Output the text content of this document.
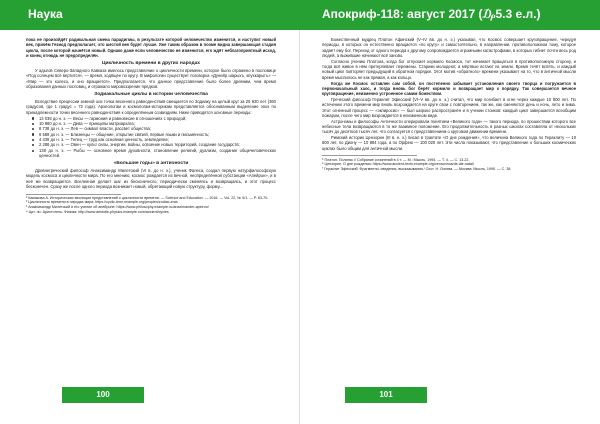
Наука	Апокриф-118: август 2017 (₯5.3 е.л.)

пока не произойдёт радикальная смена парадигмы, в результате которой человечество изменится, и наступит новый век, причём Гезиод предполагает, что шестой век будет лучше. Уже таким образом в поэме видна завершающая стадия цикла, после которой начнётся новый. Однако даже если человечество не изменится, его ждёт неблагоприятный исход, и конец отнюдь не предопределён.

Цикличность времени в других народах

У адыгов Северо-Западного Кавказа имелось представление о цикличности времени, которое было отражено в пословице «Под солнцем всё вертится», — время, ходящее по кругу. В мифологии существует поговорка «Дунейр шарыхъ, кеухкарыгъ» — «Мир — это колесо, и оно вращается». Предполагается, что данное представление было более древним, чем время образования данных пословиц, и отражало мировоззрение предков.

Зодиакальные циклы в истории человечества

Вследствие прецессии земной оси точка весеннего равноденствия смещается по Зодиаку на целый круг за 25 920 лет (360 градусов, где 1 градус = 72 года). Археологам и космологам-историкам представляется обоснованным выделение эпох по принадлежности точки весеннего равноденствия к определённым созвездиям. Ниже приводятся основные периоды:

13 038 до н. э. — Весы — гармония и равновесие в отношениях с природой;
10 880 до н. э. — Дева — принципы матриархата;
8 738 до н. э. — Лев — символ власти, рассвет общества;
6 588 до н. э. — Близнецы — общение, открытие связей, первые языки и письменность;
4 438 до н. э. — Телец — труд как основная ценность, земледелие;
2 288 до н. э. — Овен — культ силы, энергии, войны, освоение новых территорий, создание государств;
138 до н. э. — Рыбы — основное время духовности, становление религий, дуализм, создание общечеловеческих ценностей.
«Большие годы» в античности

Древнегреческий философ Анаксимандр Милетский (VI в. до н. э.), ученик Фалеса, создал первую натурфилософскую модель космоса и цикличности мира. По его мнению, космос рождается из вечной, неопределённой субстанции «Апейрон», и в неё же возвращается. Вселенная делает шаг из бесконечного, периодически сменяясь и возвращаясь, и этот процесс бесконечен. Сразу же после одного периода возникает новый, обретающий новую структуру, форму...

¹ Камакова А. Историческая эволюция представлений о цикличности времени. — Science and Education. — 2016. — Vol. 22, № 5/1. — P. 63-70.

² Цикличность времени в народах мира: https://cyclic-time.example.org/peoples/zodiac-eras

³ Анаксимандр Милетский и его учение об апейроне: https://www.philosophy.example.ru/anaximander-apeiron/

⁴ Цит. по: Аристотель. Физика: http://www.aristotle-physics.example.com/ancient/cycles

Божественный мудрец Платон Афинский (V–IV вв. до н. э.) указывал, что Космос совершает круговращение, чередуя периоды, в которых он естественно вращается «по кругу» и самостоятельно, в направлении, противоположном тому, которое задаёт ему бог. Переход от одного периода к другому сопровождается огромными катастрофами, в которых гибнет почти весь род людей, а выжившие начинают всё заново.

Согласно учению Платона, когда бог отпускает кормило Космоса, тот начинает вращаться в противоположную сторону, и тогда всё живое в нём претерпевает перемены. Старики молодеют, а мёртвые встают из земли. Время течёт вспять, и каждый новый цикл повторяет предыдущий в обратном порядке. Этот мотив «обратного» времени указывает на то, что в античной мысли время мыслилось не как прямая, а как кольцо.

Когда же Космос оставлен сам собой, он постепенно забывает установления своего творца и погружается в первоначальный хаос, и тогда вновь бог берёт кормило и возвращает мир к порядку. Так совершается вечное круговращение, неизменно устроенное самим божеством.

Греческий философ Гераклит Эфесский (VI–V вв. до н. э.) считал, что мир погибает в огне через каждые 10 800 лет. По истечении этого времени мир вновь возрождается на круге свои с повторением, так же, как сменяются день и ночь, лето и зима. Этот огненный процесс — «экпиросис» — был широко распространён и в учении стоиков: каждый цикл завершается всеобщим пожаром, после чего мир возрождается в неизменном виде.

Астрономы и философы Античности оперировали понятием «Великого года» — такого периода, по прошествии которого все небесные тела возвращаются в то же взаимное положение. Его продолжительность в разных школах составляла от нескольких тысяч до десятков тысяч лет, что согласуется с представлением о круговом движении времени.

Римский историк Цензорин (III в. н. э.) писал в трактате «О дне рождения», что величина Великого года по Гераклиту — 10 800 лет, по Диону — 10 884 года, а по Орфею — 100 020 лет. Эти числа показывают, что представление о больших космических циклах было общим для античной мысли.

⁵ Платон. Политик // Собрание сочинений в 4 т. — М.: Мысль, 1994. — Т. 4. — С. 13-22.

⁶ Цензорин. О дне рождения: https://www.ancient-texts.example.org/censorinus/de-die-natali

⁷ Гераклит Эфесский. Фрагменты: сведения, высказывания / Сост. Н. Лосева. — Москва: Мысль, 1990. — С. 38.

100	101
